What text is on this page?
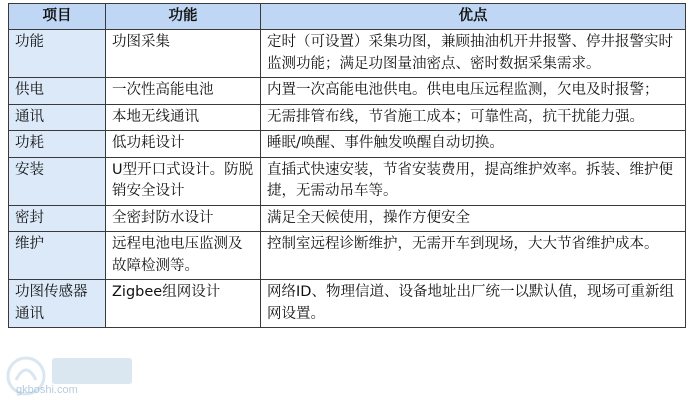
项目	功能	优点
功能	功图采集	定时（可设置）采集功图，兼顾抽油机开井报警、停井报警实时监测功能；满足功图量油密点、密时数据采集需求。
供电	一次性高能电池	内置一次高能电池供电。供电电压远程监测，欠电及时报警；
通讯	本地无线通讯	无需排管布线，节省施工成本；可靠性高，抗干扰能力强。
功耗	低功耗设计	睡眠/唤醒、事件触发唤醒自动切换。
安装	U型开口式设计。防脱销安全设计	直插式快速安装，节省安装费用，提高维护效率。拆装、维护便捷，无需动吊车等。
密封	全密封防水设计	满足全天候使用，操作方便安全
维护	远程电池电压监测及故障检测等。	控制室远程诊断维护，无需开车到现场，大大节省维护成本。
功图传感器通讯	Zigbee组网设计	网络ID、物理信道、设备地址出厂统一以默认值，现场可重新组网设置。
gkboshi.com
